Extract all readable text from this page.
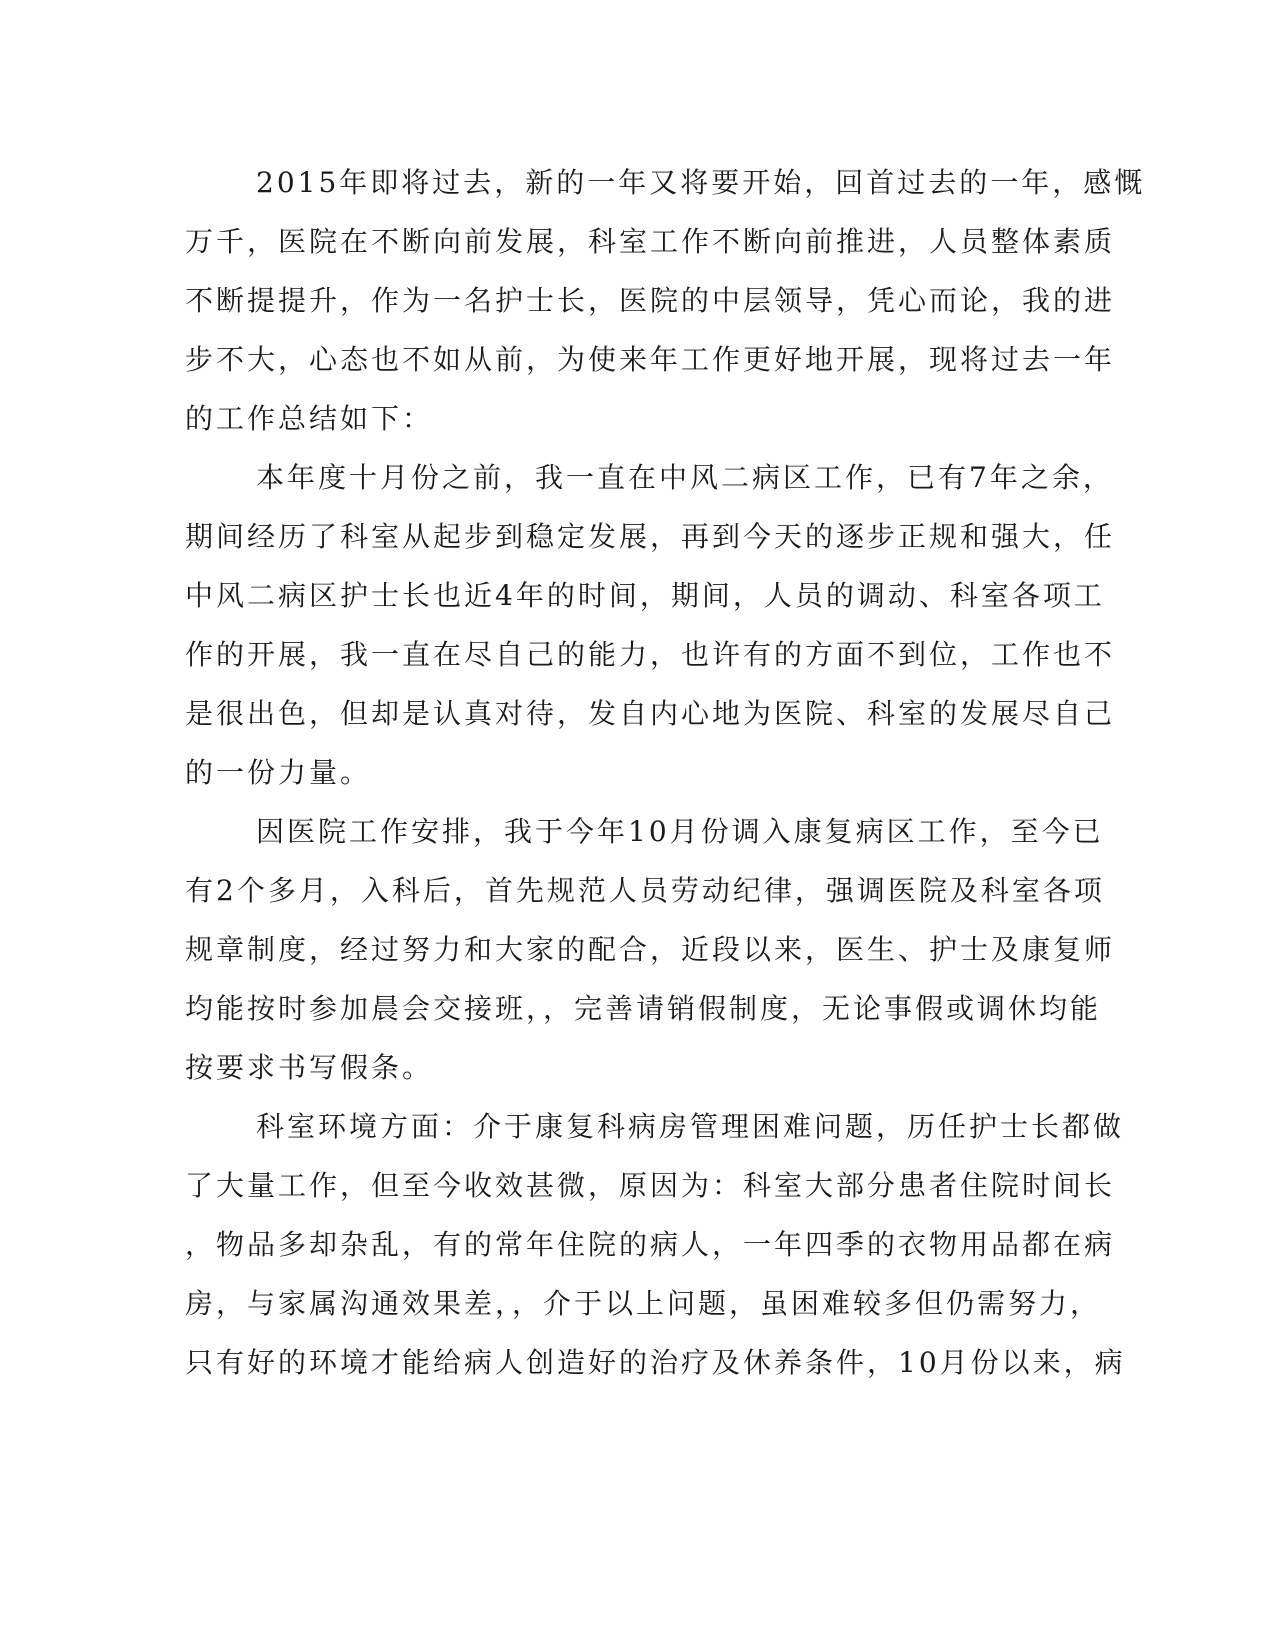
2015年即将过去，新的一年又将要开始，回首过去的一年，感慨
万千，医院在不断向前发展，科室工作不断向前推进，人员整体素质
不断提提升，作为一名护士长，医院的中层领导，凭心而论，我的进
步不大，心态也不如从前，为使来年工作更好地开展，现将过去一年
的工作总结如下：
本年度十月份之前，我一直在中风二病区工作，已有7年之余，
期间经历了科室从起步到稳定发展，再到今天的逐步正规和强大，任
中风二病区护士长也近4年的时间，期间，人员的调动、科室各项工
作的开展，我一直在尽自己的能力，也许有的方面不到位，工作也不
是很出色，但却是认真对待，发自内心地为医院、科室的发展尽自己
的一份力量。
因医院工作安排，我于今年10月份调入康复病区工作，至今已
有2个多月，入科后，首先规范人员劳动纪律，强调医院及科室各项
规章制度，经过努力和大家的配合，近段以来，医生、护士及康复师
均能按时参加晨会交接班，，完善请销假制度，无论事假或调休均能
按要求书写假条。
科室环境方面：介于康复科病房管理困难问题，历任护士长都做
了大量工作，但至今收效甚微，原因为：科室大部分患者住院时间长
，物品多却杂乱，有的常年住院的病人，一年四季的衣物用品都在病
房，与家属沟通效果差，，介于以上问题，虽困难较多但仍需努力，
只有好的环境才能给病人创造好的治疗及休养条件，10月份以来，病
